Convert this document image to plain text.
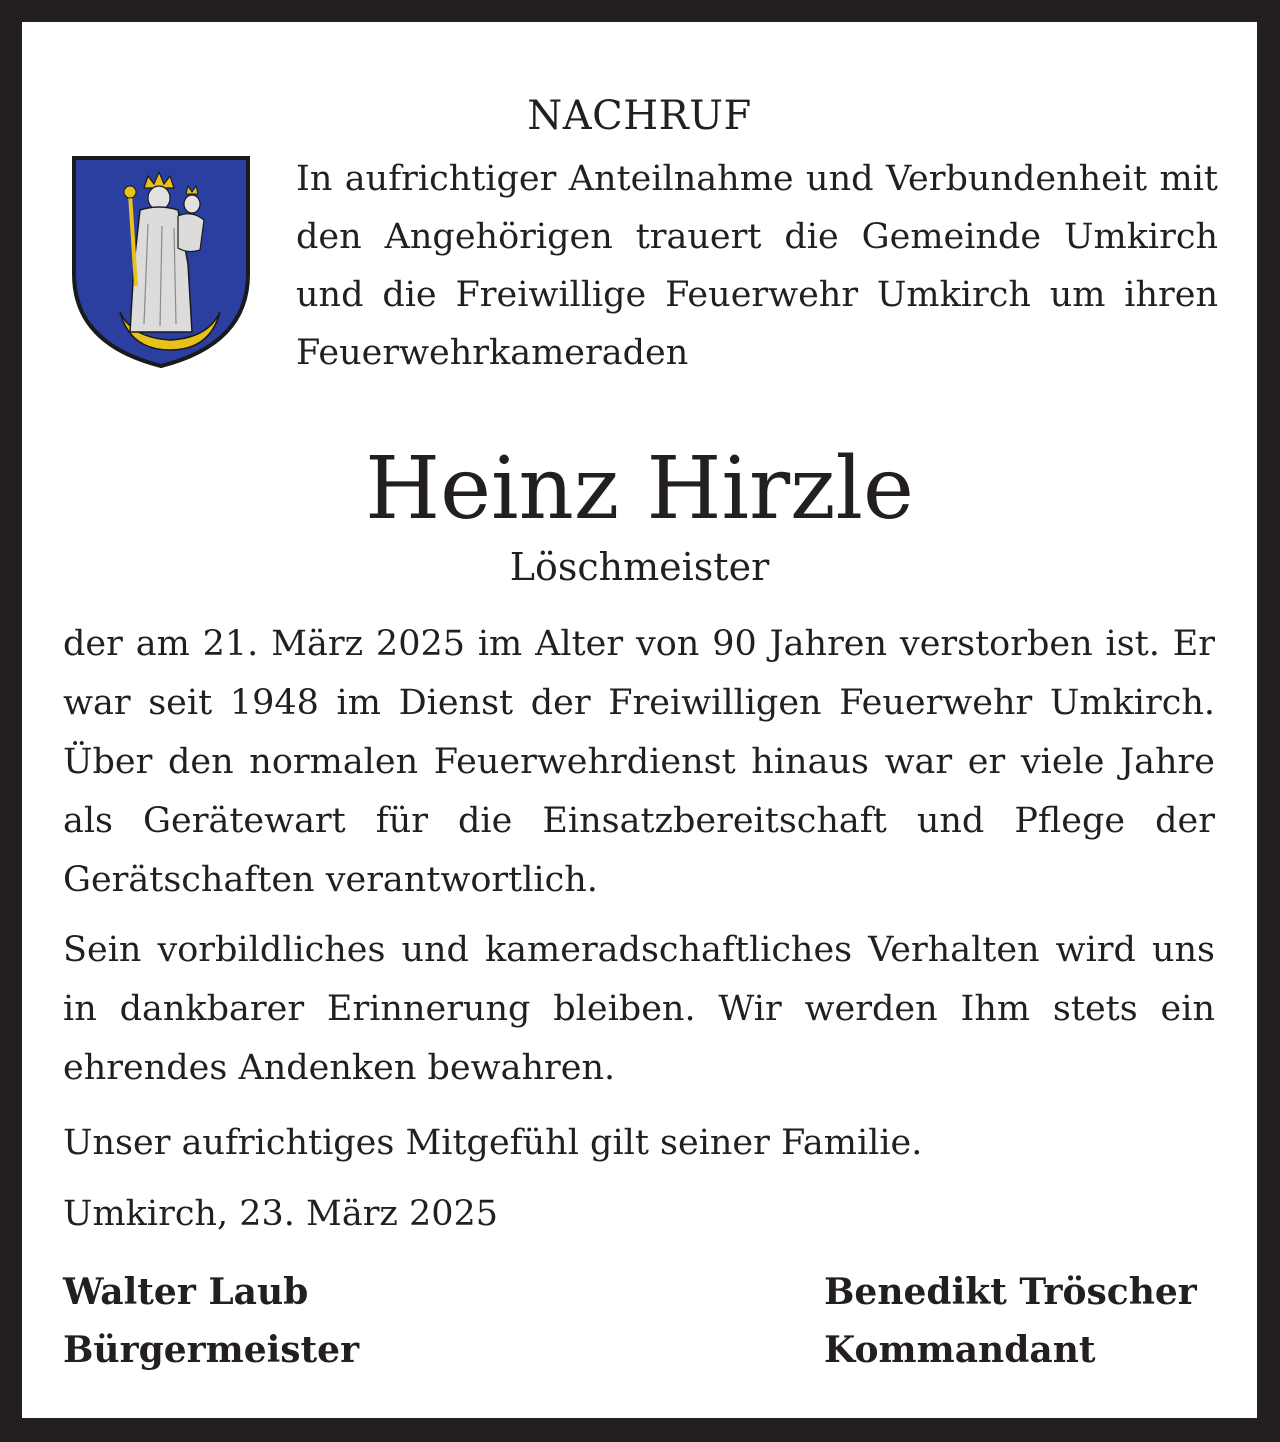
NACHRUF

In aufrichtiger Anteilnahme und Verbundenheit mit den Angehörigen trauert die Gemeinde Umkirch und die Freiwillige Feuerwehr Umkirch um ihren Feuerwehrkameraden

Heinz Hirzle

Löschmeister

der am 21. März 2025 im Alter von 90 Jahren verstorben ist. Er war seit 1948 im Dienst der Freiwilligen Feuerwehr Umkirch. Über den normalen Feuerwehrdienst hinaus war er viele Jahre als Gerätewart für die Einsatzbereitschaft und Pflege der Gerätschaften verantwortlich.

Sein vorbildliches und kameradschaftliches Verhalten wird uns in dankbarer Erinnerung bleiben. Wir werden Ihm stets ein ehrendes Andenken bewahren.

Unser aufrichtiges Mitgefühl gilt seiner Familie.

Umkirch, 23. März 2025

Walter Laub
Bürgermeister
Benedikt Tröscher
Kommandant
